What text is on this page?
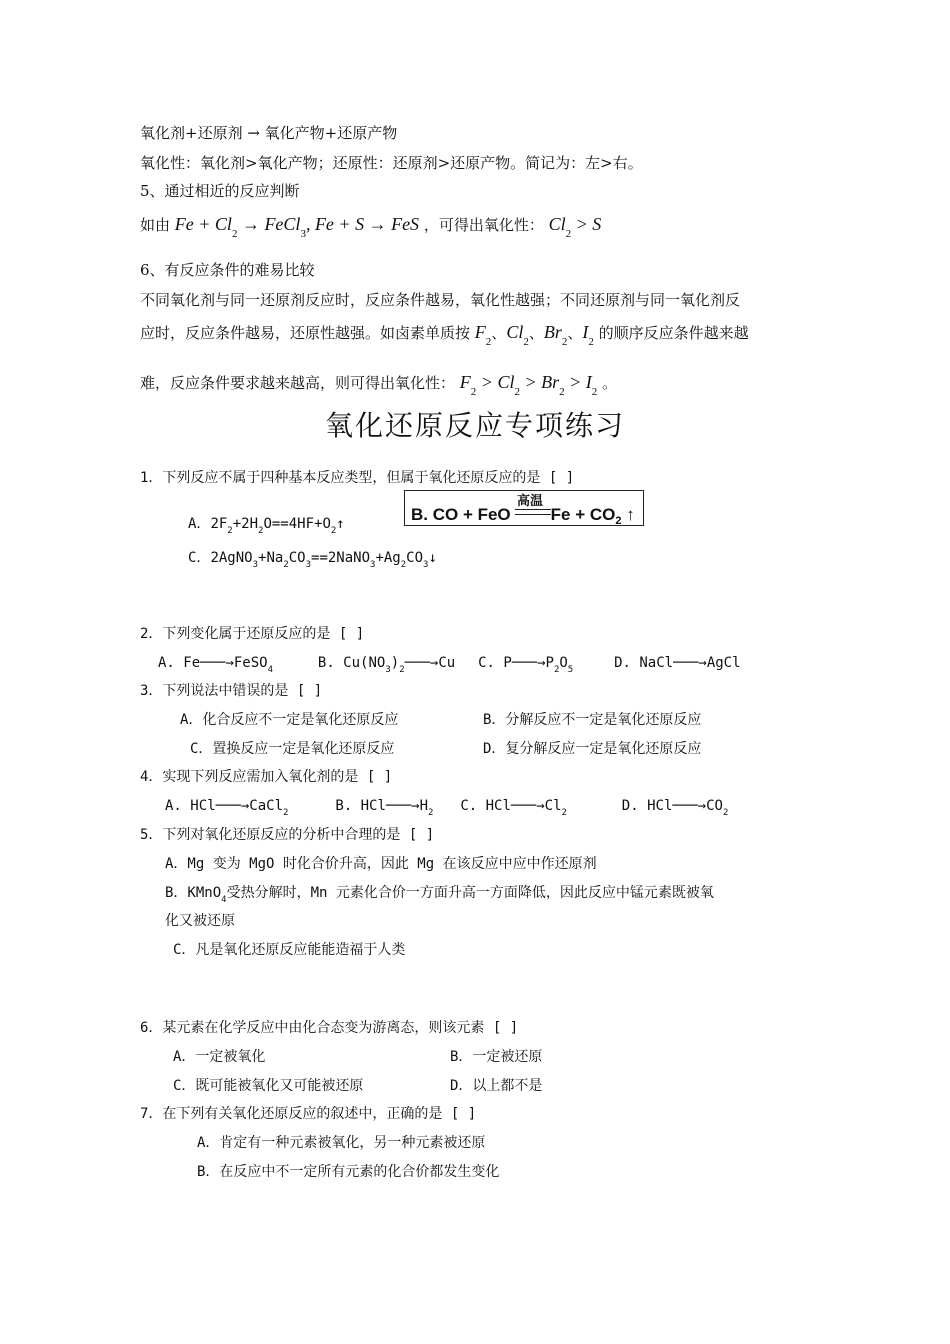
氧化剂+还原剂 → 氧化产物+还原产物
氧化性：氧化剂>氧化产物；还原性：还原剂>还原产物。简记为：左>右。
5、通过相近的反应判断
如由 $Fe + Cl_2$ → FeCl$_3$, Fe + S → FeS ，可得出氧化性： $Cl_2 > S$
6、有反应条件的难易比较
不同氧化剂与同一还原剂反应时，反应条件越易，氧化性越强；不同还原剂与同一氧化剂反
应时，反应条件越易，还原性越强。如卤素单质按 $F_2$、$Cl_2$、$Br_2$、$I_2$ 的顺序反应条件越来越
难，反应条件要求越来越高，则可得出氧化性： $F_2 > Cl_2 > Br_2 > I_2$ 。
氧化还原反应专项练习
1．下列反应不属于四种基本反应类型，但属于氧化还原反应的是 [ ]
A．$2F_2+2H_2O==4HF+O_2↑$
高温
B. CO + FeO $Fe + CO_2$ ↑
C．$2AgNO_3+Na_2CO_3==2NaNO_3+Ag_2CO_3↓$
2．下列变化属于还原反应的是 [ ]
A. Fe───→FeSO$_4$	B. $Cu(NO_3)_2───\to Cu$ C. $P───\to P_2O_5$	D. NaCl───→AgCl
3．下列说法中错误的是 [ ]
A．化合反应不一定是氧化还原反应	B．分解反应不一定是氧化还原反应
C．置换反应一定是氧化还原反应	D．复分解反应一定是氧化还原反应
4．实现下列反应需加入氧化剂的是 [ ]
A. HCl───→CaCl$_2$	B. $HCl───\to H_2$ C. $HCl───\to Cl_2$	D. $HCl───\to CO_2$
5．下列对氧化还原反应的分析中合理的是 [ ]
A．Mg 变为 MgO 时化合价升高，因此 Mg 在该反应中应中作还原剂
B．KMnO$_4$受热分解时，Mn 元素化合价一方面升高一方面降低，因此反应中锰元素既被氧
化又被还原
C．凡是氧化还原反应能能造福于人类
6．某元素在化学反应中由化合态变为游离态，则该元素 [ ]
A．一定被氧化	B．一定被还原
C．既可能被氧化又可能被还原	D．以上都不是
7．在下列有关氧化还原反应的叙述中，正确的是 [ ]
A．肯定有一种元素被氧化，另一种元素被还原
B．在反应中不一定所有元素的化合价都发生变化
